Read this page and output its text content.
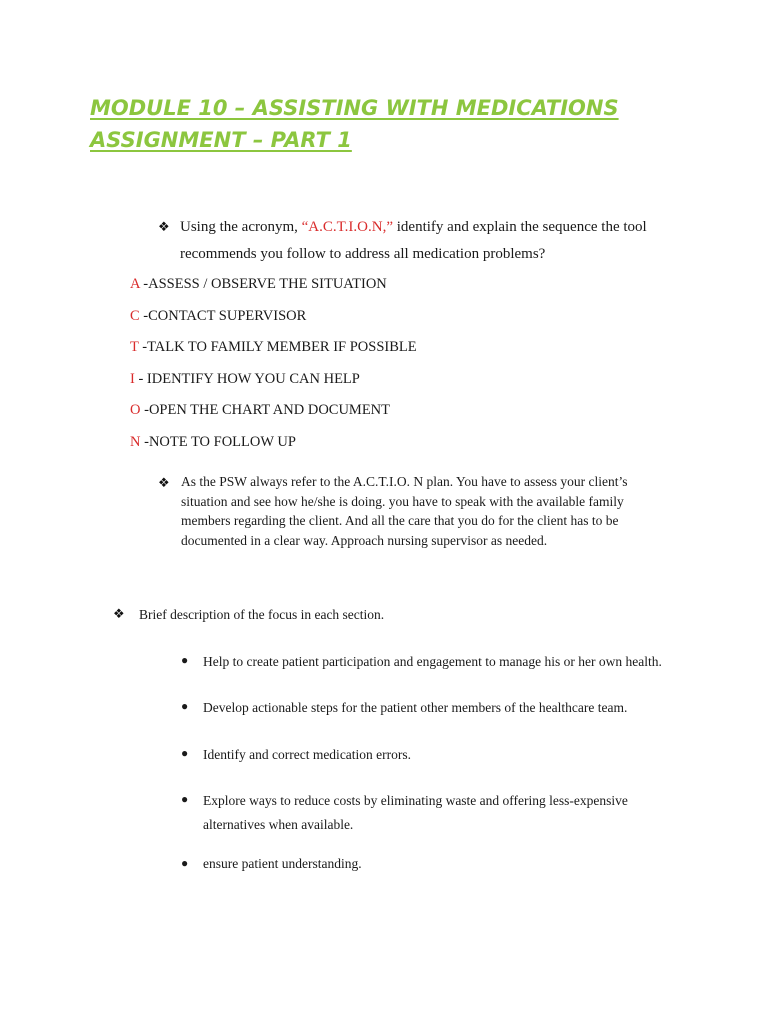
MODULE 10 – ASSISTING WITH MEDICATIONS
ASSIGNMENT – PART 1
❖ Using the acronym, “A.C.T.I.O.N,” identify and explain the sequence the tool recommends you follow to address all medication problems?
A -ASSESS / OBSERVE THE SITUATION
C -CONTACT SUPERVISOR
T -TALK TO FAMILY MEMBER IF POSSIBLE
I - IDENTIFY HOW YOU CAN HELP
O -OPEN THE CHART AND DOCUMENT
N -NOTE TO FOLLOW UP
❖ As the PSW always refer to the A.C.T.I.O. N plan. You have to assess your client’s situation and see how he/she is doing. you have to speak with the available family members regarding the client. And all the care that you do for the client has to be documented in a clear way. Approach nursing supervisor as needed.
❖ Brief description of the focus in each section.
● Help to create patient participation and engagement to manage his or her own health.
● Develop actionable steps for the patient other members of the healthcare team.
● Identify and correct medication errors.
● Explore ways to reduce costs by eliminating waste and offering less-expensive alternatives when available.
● ensure patient understanding.
